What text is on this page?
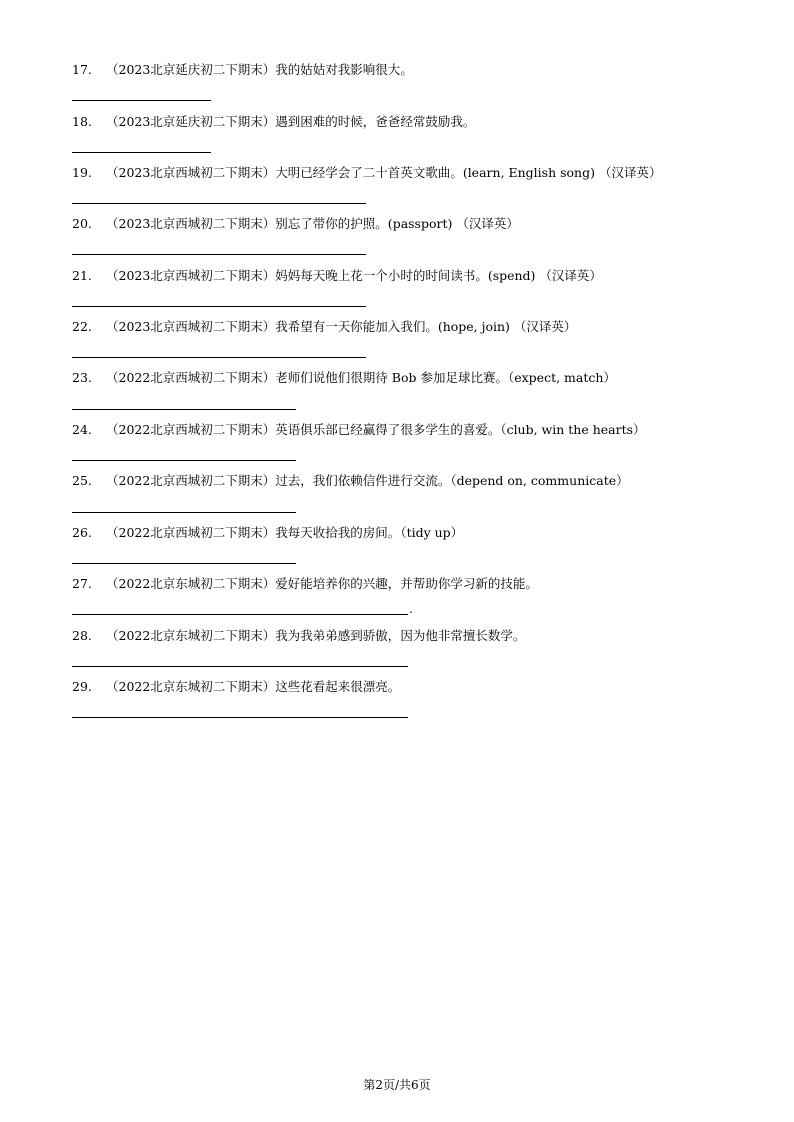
17. （2023北京延庆初二下期末）我的姑姑对我影响很大。
18. （2023北京延庆初二下期末）遇到困难的时候，爸爸经常鼓励我。
19. （2023北京西城初二下期末）大明已经学会了二十首英文歌曲。(learn, English song) （汉译英）
20. （2023北京西城初二下期末）别忘了带你的护照。(passport) （汉译英）
21. （2023北京西城初二下期末）妈妈每天晚上花一个小时的时间读书。(spend) （汉译英）
22. （2023北京西城初二下期末）我希望有一天你能加入我们。(hope, join) （汉译英）
23. （2022北京西城初二下期末）老师们说他们很期待 Bob 参加足球比赛。（expect, match）
24. （2022北京西城初二下期末）英语俱乐部已经赢得了很多学生的喜爱。（club, win the hearts）
25. （2022北京西城初二下期末）过去，我们依赖信件进行交流。（depend on, communicate）
26. （2022北京西城初二下期末）我每天收拾我的房间。（tidy up）
27. （2022北京东城初二下期末）爱好能培养你的兴趣，并帮助你学习新的技能。
.
28. （2022北京东城初二下期末）我为我弟弟感到骄傲，因为他非常擅长数学。
29. （2022北京东城初二下期末）这些花看起来很漂亮。
第2页/共6页
